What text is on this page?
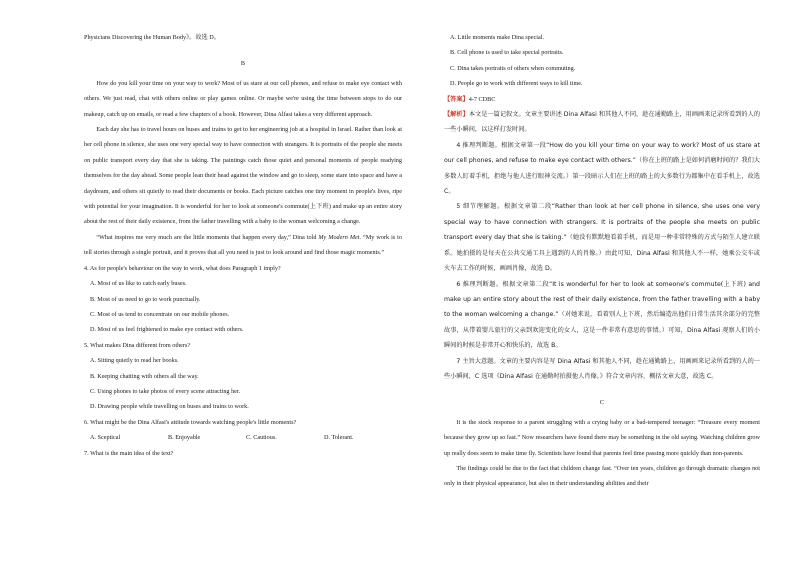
Physicians Discovering the Human Body》。故选 D。

B

How do you kill your time on your way to work? Most of us stare at our cell phones, and refuse to make eye contact with others. We just read, chat with others online or play games online. Or maybe we're using the time between stops to do our makeup, catch up on emails, or read a few chapters of a book. However, Dina Alfasi takes a very different approach.

Each day she has to travel hours on buses and trains to get to her engineering job at a hospital in Israel. Rather than look at her cell phone in silence, she uses one very special way to have connection with strangers. It is portraits of the people she meets on public transport every day that she is taking. The paintings catch those quiet and personal moments of people readying themselves for the day ahead. Some people lean their head against the window and go to sleep, some stare into space and have a daydream, and others sit quietly to read their documents or books. Each picture catches one tiny moment in people's lives, ripe with potential for your imagination. It is wonderful for her to look at someone's commute(上下班) and make up an entire story about the rest of their daily existence, from the father travelling with a baby to the woman welcoming a change.

“What inspires me very much are the little moments that happen every day,” Dina told My Modern Met. “My work is to tell stories through a single portrait, and it proves that all you need is just to look around and find those magic moments.”

4. As for people's behaviour on the way to work, what does Paragraph 1 imply?

A. Most of us like to catch early buses.

B. Most of us need to go to work punctually.

C. Most of us tend to concentrate on our mobile phones.

D. Most of us feel frightened to make eye contact with others.

5. What makes Dina different from others?

A. Sitting quietly to read her books.

B. Keeping chatting with others all the way.

C. Using phones to take photos of every scene attracting her.

D. Drawing people while travelling on buses and trains to work.

6. What might be the Dina Alfasi's attitude towards watching people's little moments?

A. Sceptical	B. Enjoyable	C. Cautious.	D. Tolerant.

7. What is the main idea of the text?

A. Little moments make Dina special.

B. Cell phone is used to take special portraits.

C. Dina takes portraits of others when commuting.

D. People go to work with different ways to kill time.

【答案】4-7 CDBC

【解析】本文是一篇记叙文。文章主要讲述 Dina Alfasi 和其他人不同，趁在通勤路上，用画画来记录所看到的人的一些小瞬间，以这样打发时间。

4 推理判断题。根据文章第一段“How do you kill your time on your way to work? Most of us stare at our cell phones, and refuse to make eye contact with others.”（你在上班的路上是如何消磨时间的？我们大多数人盯着手机，拒绝与他人进行眼神交流。）第一段暗示人们在上班的路上的大多数行为都集中在看手机上，故选 C。

5 细节理解题。根据文章第二段“Rather than look at her cell phone in silence, she uses one very special way to have connection with strangers. It is portraits of the people she meets on public transport every day that she is taking.”（她没有默默地看着手机，而是用一种非常特殊的方式与陌生人建立联系。她拍摄的是每天在公共交通工具上遇到的人的肖像。）由此可知，Dina Alfasi 和其他人不一样，她乘公交车或火车去工作的时候，画画肖像，故选 D。

6 推理判断题。根据文章第二段“It is wonderful for her to look at someone's commute(上下班) and make up an entire story about the rest of their daily existence, from the father travelling with a baby to the woman welcoming a change.”（对她来说，看着别人上下班，然后编造出他们日常生活其余部分的完整故事，从带着婴儿旅行的父亲到欢迎变化的女人，这是一件非常有意思的事情。）可知，Dina Alfasi 观察人们的小瞬间的时候是非常开心和快乐的，故选 B。

7 主旨大意题。文章的主要内容是写 Dina Alfasi 和其他人不同，趁在通勤路上，用画画来记录所看到的人的一些小瞬间，C 选项《Dina Alfasi 在通勤时拍摄他人肖像。》符合文章内容，概括文章大意，故选 C。

C

It is the stock response to a parent struggling with a crying baby or a bad-tempered teenager: “Treasure every moment because they grow up so fast.” Now researchers have found there may be something in the old saying. Watching children grow up really does seem to make time fly. Scientists have found that parents feel time passing more quickly than non-parents.

The findings could be due to the fact that children change fast. “Over ten years, children go through dramatic changes not only in their physical appearance, but also in their understanding abilities and their
